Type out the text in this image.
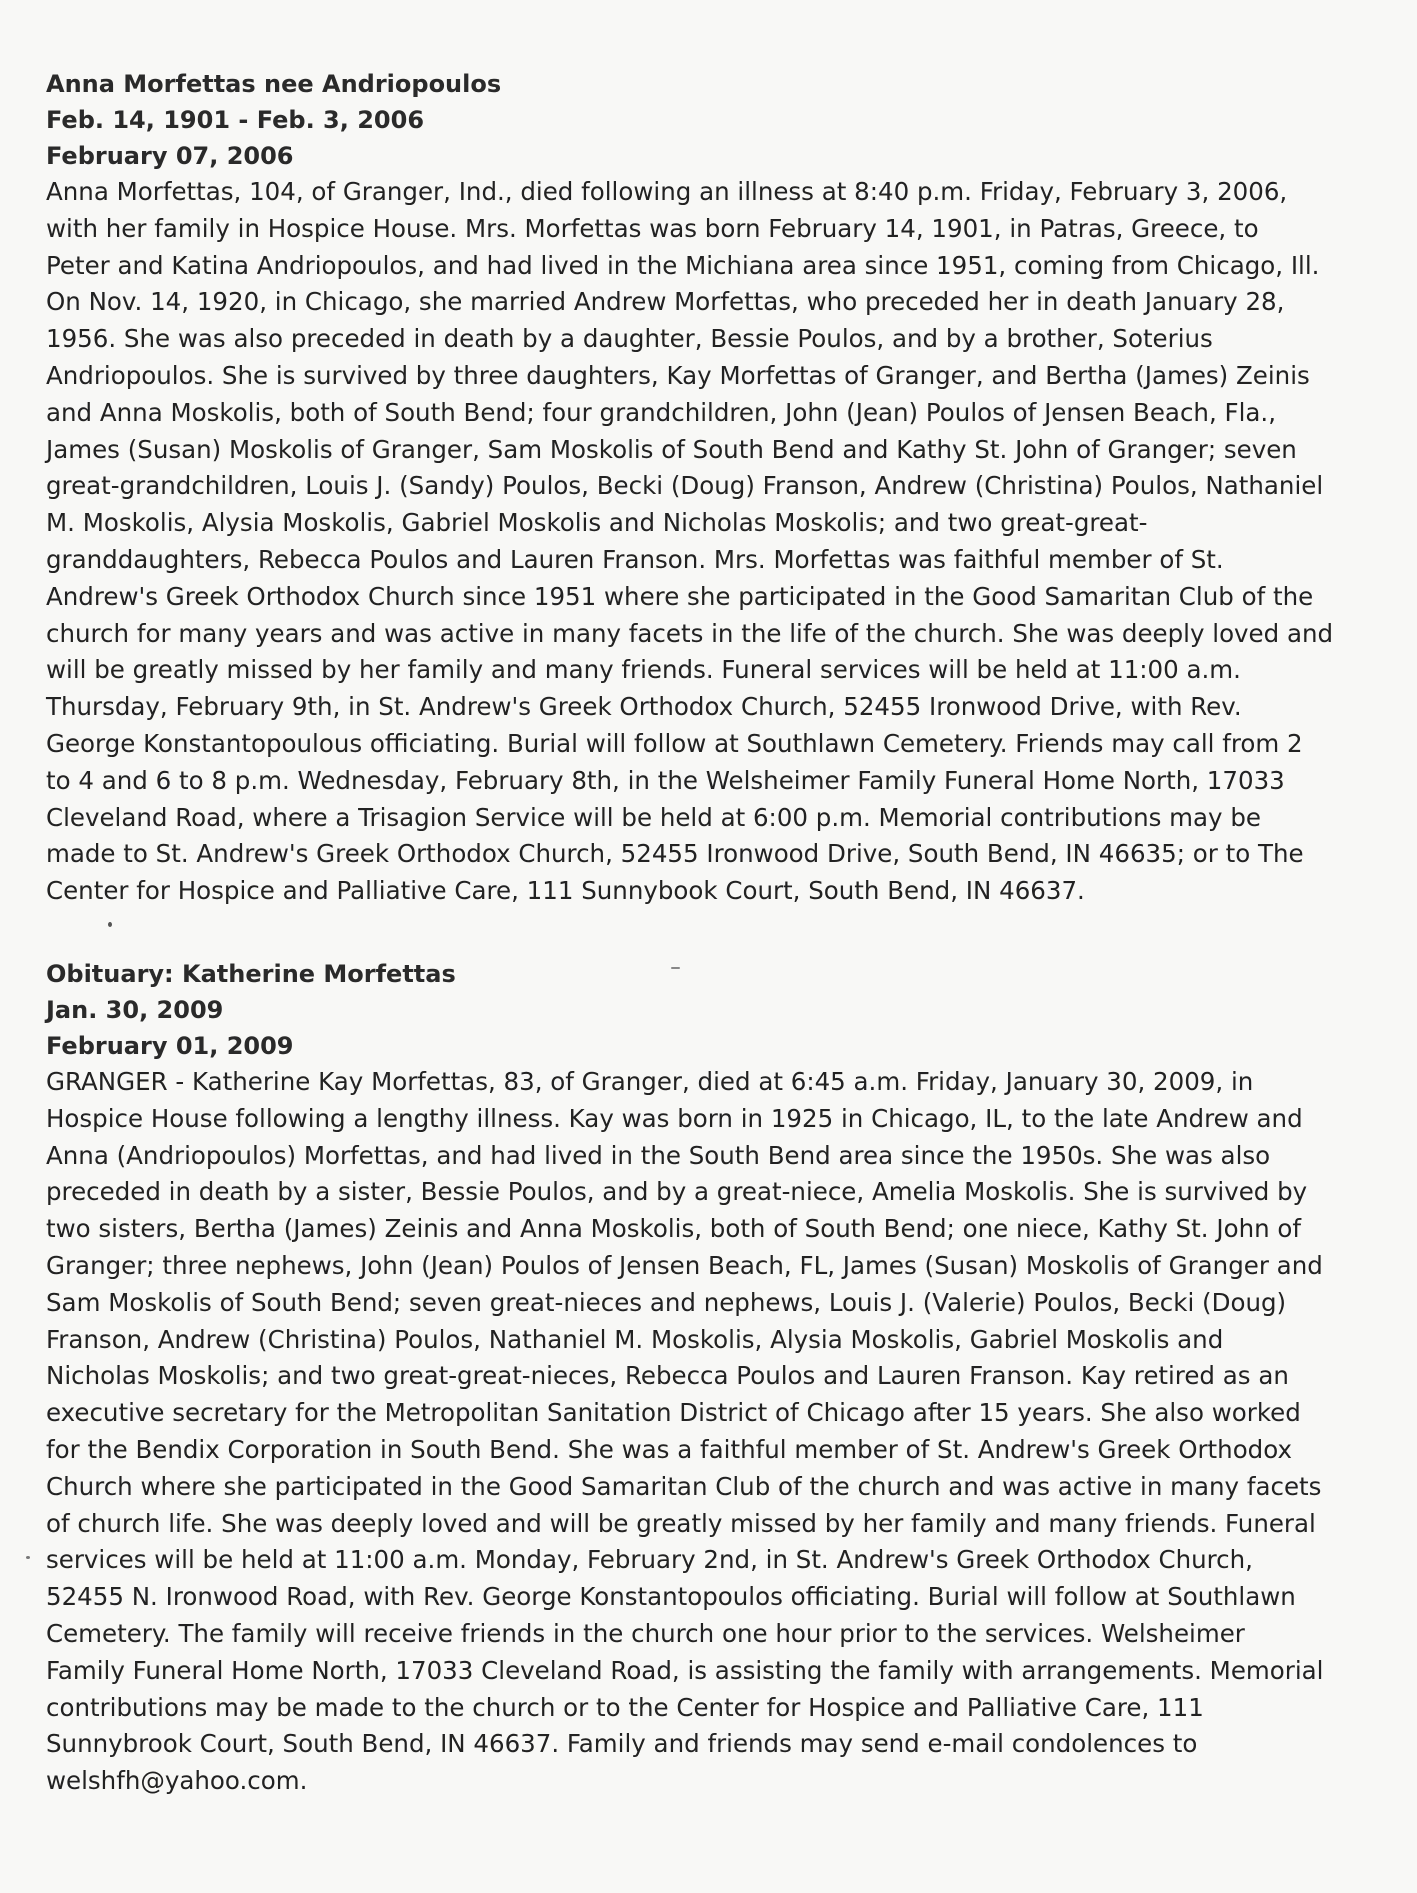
Anna Morfettas nee Andriopoulos

Feb. 14, 1901 - Feb. 3, 2006

February 07, 2006

Anna Morfettas, 104, of Granger, Ind., died following an illness at 8:40 p.m. Friday, February 3, 2006,
with her family in Hospice House. Mrs. Morfettas was born February 14, 1901, in Patras, Greece, to
Peter and Katina Andriopoulos, and had lived in the Michiana area since 1951, coming from Chicago, Ill.
On Nov. 14, 1920, in Chicago, she married Andrew Morfettas, who preceded her in death January 28,
1956. She was also preceded in death by a daughter, Bessie Poulos, and by a brother, Soterius
Andriopoulos. She is survived by three daughters, Kay Morfettas of Granger, and Bertha (James) Zeinis
and Anna Moskolis, both of South Bend; four grandchildren, John (Jean) Poulos of Jensen Beach, Fla.,
James (Susan) Moskolis of Granger, Sam Moskolis of South Bend and Kathy St. John of Granger; seven
great-grandchildren, Louis J. (Sandy) Poulos, Becki (Doug) Franson, Andrew (Christina) Poulos, Nathaniel
M. Moskolis, Alysia Moskolis, Gabriel Moskolis and Nicholas Moskolis; and two great-great-
granddaughters, Rebecca Poulos and Lauren Franson. Mrs. Morfettas was faithful member of St.
Andrew's Greek Orthodox Church since 1951 where she participated in the Good Samaritan Club of the
church for many years and was active in many facets in the life of the church. She was deeply loved and
will be greatly missed by her family and many friends. Funeral services will be held at 11:00 a.m.
Thursday, February 9th, in St. Andrew's Greek Orthodox Church, 52455 Ironwood Drive, with Rev.
George Konstantopoulous officiating. Burial will follow at Southlawn Cemetery. Friends may call from 2
to 4 and 6 to 8 p.m. Wednesday, February 8th, in the Welsheimer Family Funeral Home North, 17033
Cleveland Road, where a Trisagion Service will be held at 6:00 p.m. Memorial contributions may be
made to St. Andrew's Greek Orthodox Church, 52455 Ironwood Drive, South Bend, IN 46635; or to The
Center for Hospice and Palliative Care, 111 Sunnybook Court, South Bend, IN 46637.

Obituary: Katherine Morfettas

Jan. 30, 2009

February 01, 2009

GRANGER - Katherine Kay Morfettas, 83, of Granger, died at 6:45 a.m. Friday, January 30, 2009, in
Hospice House following a lengthy illness. Kay was born in 1925 in Chicago, IL, to the late Andrew and
Anna (Andriopoulos) Morfettas, and had lived in the South Bend area since the 1950s. She was also
preceded in death by a sister, Bessie Poulos, and by a great-niece, Amelia Moskolis. She is survived by
two sisters, Bertha (James) Zeinis and Anna Moskolis, both of South Bend; one niece, Kathy St. John of
Granger; three nephews, John (Jean) Poulos of Jensen Beach, FL, James (Susan) Moskolis of Granger and
Sam Moskolis of South Bend; seven great-nieces and nephews, Louis J. (Valerie) Poulos, Becki (Doug)
Franson, Andrew (Christina) Poulos, Nathaniel M. Moskolis, Alysia Moskolis, Gabriel Moskolis and
Nicholas Moskolis; and two great-great-nieces, Rebecca Poulos and Lauren Franson. Kay retired as an
executive secretary for the Metropolitan Sanitation District of Chicago after 15 years. She also worked
for the Bendix Corporation in South Bend. She was a faithful member of St. Andrew's Greek Orthodox
Church where she participated in the Good Samaritan Club of the church and was active in many facets
of church life. She was deeply loved and will be greatly missed by her family and many friends. Funeral
services will be held at 11:00 a.m. Monday, February 2nd, in St. Andrew's Greek Orthodox Church,
52455 N. Ironwood Road, with Rev. George Konstantopoulos officiating. Burial will follow at Southlawn
Cemetery. The family will receive friends in the church one hour prior to the services. Welsheimer
Family Funeral Home North, 17033 Cleveland Road, is assisting the family with arrangements. Memorial
contributions may be made to the church or to the Center for Hospice and Palliative Care, 111
Sunnybrook Court, South Bend, IN 46637. Family and friends may send e-mail condolences to
welshfh@yahoo.com.
